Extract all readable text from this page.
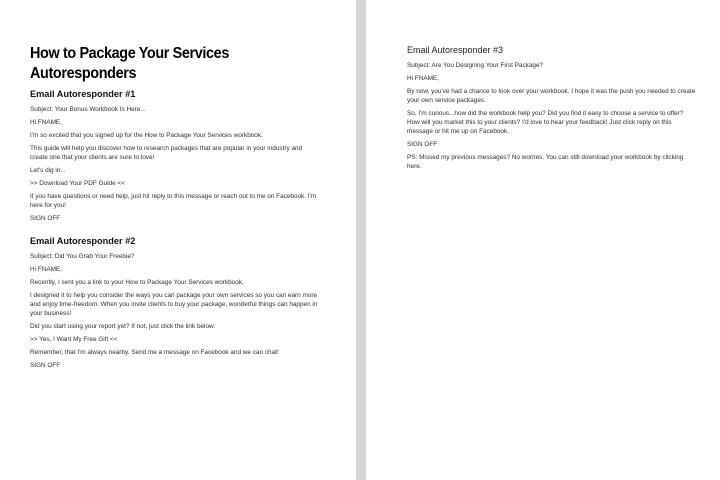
How to Package Your Services Autoresponders
Email Autoresponder #1

Subject: Your Bonus Workbook Is Here...

Hi FNAME,

I'm so excited that you signed up for the How to Package Your Services workbook.

This guide will help you discover how to research packages that are popular in your industry and create one that your clients are sure to love!

Let's dig in...

>> Download Your PDF Guide <<

If you have questions or need help, just hit reply to this message or reach out to me on Facebook. I'm here for you!

SIGN OFF

Email Autoresponder #2

Subject: Did You Grab Your Freebie?

Hi FNAME,

Recently, I sent you a link to your How to Package Your Services workbook.

I designed it to help you consider the ways you can package your own services so you can earn more and enjoy time-freedom. When you invite clients to buy your package, wonderful things can happen in your business!

Did you start using your report yet? If not, just click the link below:

>> Yes, I Want My Free Gift <<

Remember, that I'm always nearby. Send me a message on Facebook and we can chat!

SIGN OFF

Email Autoresponder #3

Subject: Are You Designing Your First Package?

Hi FNAME,

By now, you've had a chance to look over your workbook. I hope it was the push you needed to create your own service packages.

So, I'm curious...how did the workbook help you? Did you find it easy to choose a service to offer? How will you market this to your clients? I'd love to hear your feedback! Just click reply on this message or hit me up on Facebook.

SIGN OFF

PS: Missed my previous messages? No worries. You can still download your workbook by clicking here.
